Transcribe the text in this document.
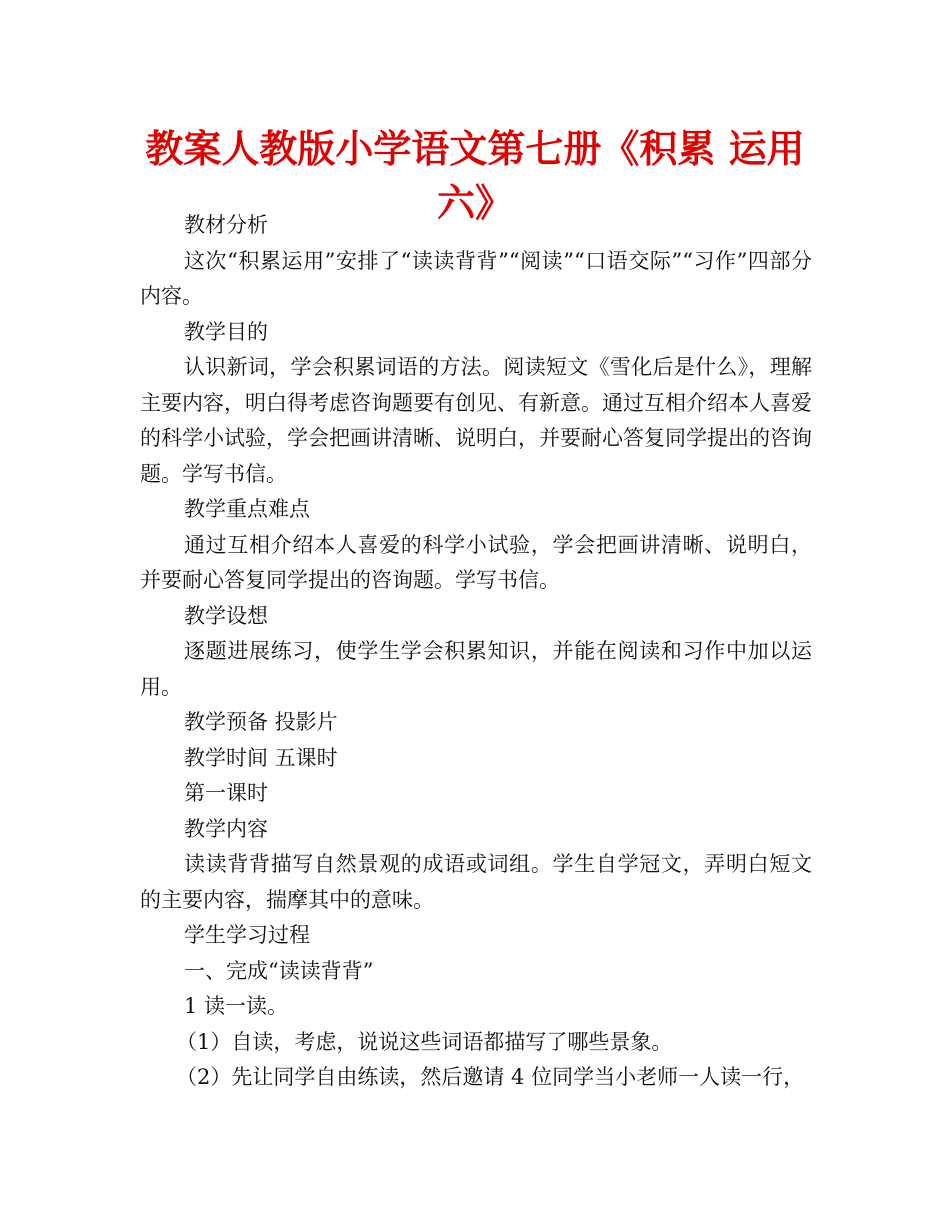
教案人教版小学语文第七册《积累 运用六》

教材分析

这次“积累运用”安排了“读读背背”“阅读”“口语交际”“习作”四部分内容。

教学目的

认识新词，学会积累词语的方法。阅读短文《雪化后是什么》，理解主要内容，明白得考虑咨询题要有创见、有新意。通过互相介绍本人喜爱的科学小试验，学会把画讲清晰、说明白，并要耐心答复同学提出的咨询题。学写书信。

教学重点难点

通过互相介绍本人喜爱的科学小试验，学会把画讲清晰、说明白，并要耐心答复同学提出的咨询题。学写书信。

教学设想

逐题进展练习，使学生学会积累知识，并能在阅读和习作中加以运用。

教学预备 投影片

教学时间 五课时

第一课时

教学内容

读读背背描写自然景观的成语或词组。学生自学冠文，弄明白短文的主要内容，揣摩其中的意味。

学生学习过程

一、完成“读读背背”

1 读一读。

（1）自读，考虑，说说这些词语都描写了哪些景象。

（2）先让同学自由练读，然后邀请 4 位同学当小老师一人读一行，
